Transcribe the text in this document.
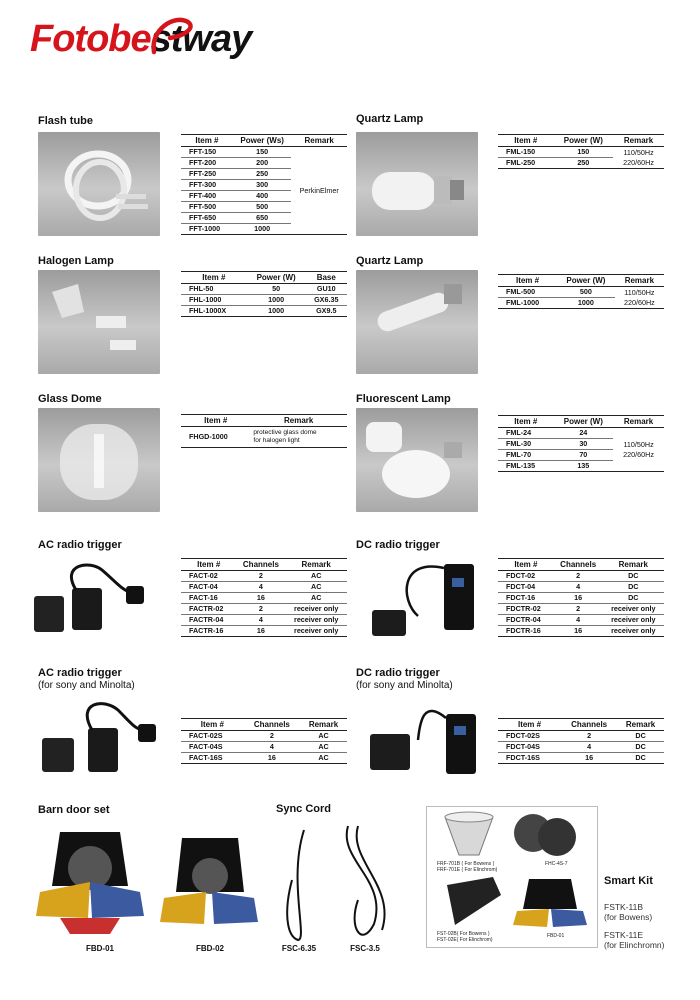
Fotobestway
Flash tube
Item #	Power (Ws)	Remark
FFT-150	150	PerkinElmer
FFT-200	200	
FFT-250	250	
FFT-300	300	
FFT-400	400	
FFT-500	500	
FFT-650	650	
FFT-1000	1000	
Quartz Lamp
Item #	Power (W)	Remark
FML-150	150	110/50Hz
220/60Hz
FML-250	250	
Halogen Lamp
Item #	Power (W)	Base
FHL-50	50	GU10
FHL-1000	1000	GX6.35
FHL-1000X	1000	GX9.5
Quartz Lamp
Item #	Power (W)	Remark
FML-500	500	110/50Hz
220/60Hz
FML-1000	1000	
Glass Dome
Item #	Remark
FHGD-1000	protective glass dome
for halogen light
Fluorescent Lamp
Item #	Power (W)	Remark
FML-24	24	110/50Hz
220/60Hz
FML-30	30	
FML-70	70	
FML-135	135	
AC radio trigger
Item #	Channels	Remark
FACT-02	2	AC
FACT-04	4	AC
FACT-16	16	AC
FACTR-02	2	receiver only
FACTR-04	4	receiver only
FACTR-16	16	receiver only
DC radio trigger
Item #	Channels	Remark
FDCT-02	2	DC
FDCT-04	4	DC
FDCT-16	16	DC
FDCTR-02	2	receiver only
FDCTR-04	4	receiver only
FDCTR-16	16	receiver only
AC radio trigger
(for sony and Minolta)
Item #	Channels	Remark
FACT-02S	2	AC
FACT-04S	4	AC
FACT-16S	16	AC
DC radio trigger
(for sony and Minolta)
Item #	Channels	Remark
FDCT-02S	2	DC
FDCT-04S	4	DC
FDCT-16S	16	DC
Barn door set
FBD-01	FBD-02
Sync Cord
FSC-6.35	FSC-3.5
FRF-701B ( For Bowens )
FRF-701E ( For Elinchrom)
FHC-4S-7
FST-02B( For Bowens )
FST-02E( For Elinchrom)
FBD-01
Smart Kit
FSTK-11B
(for Bowens)
FSTK-11E
(for Elinchromn)
